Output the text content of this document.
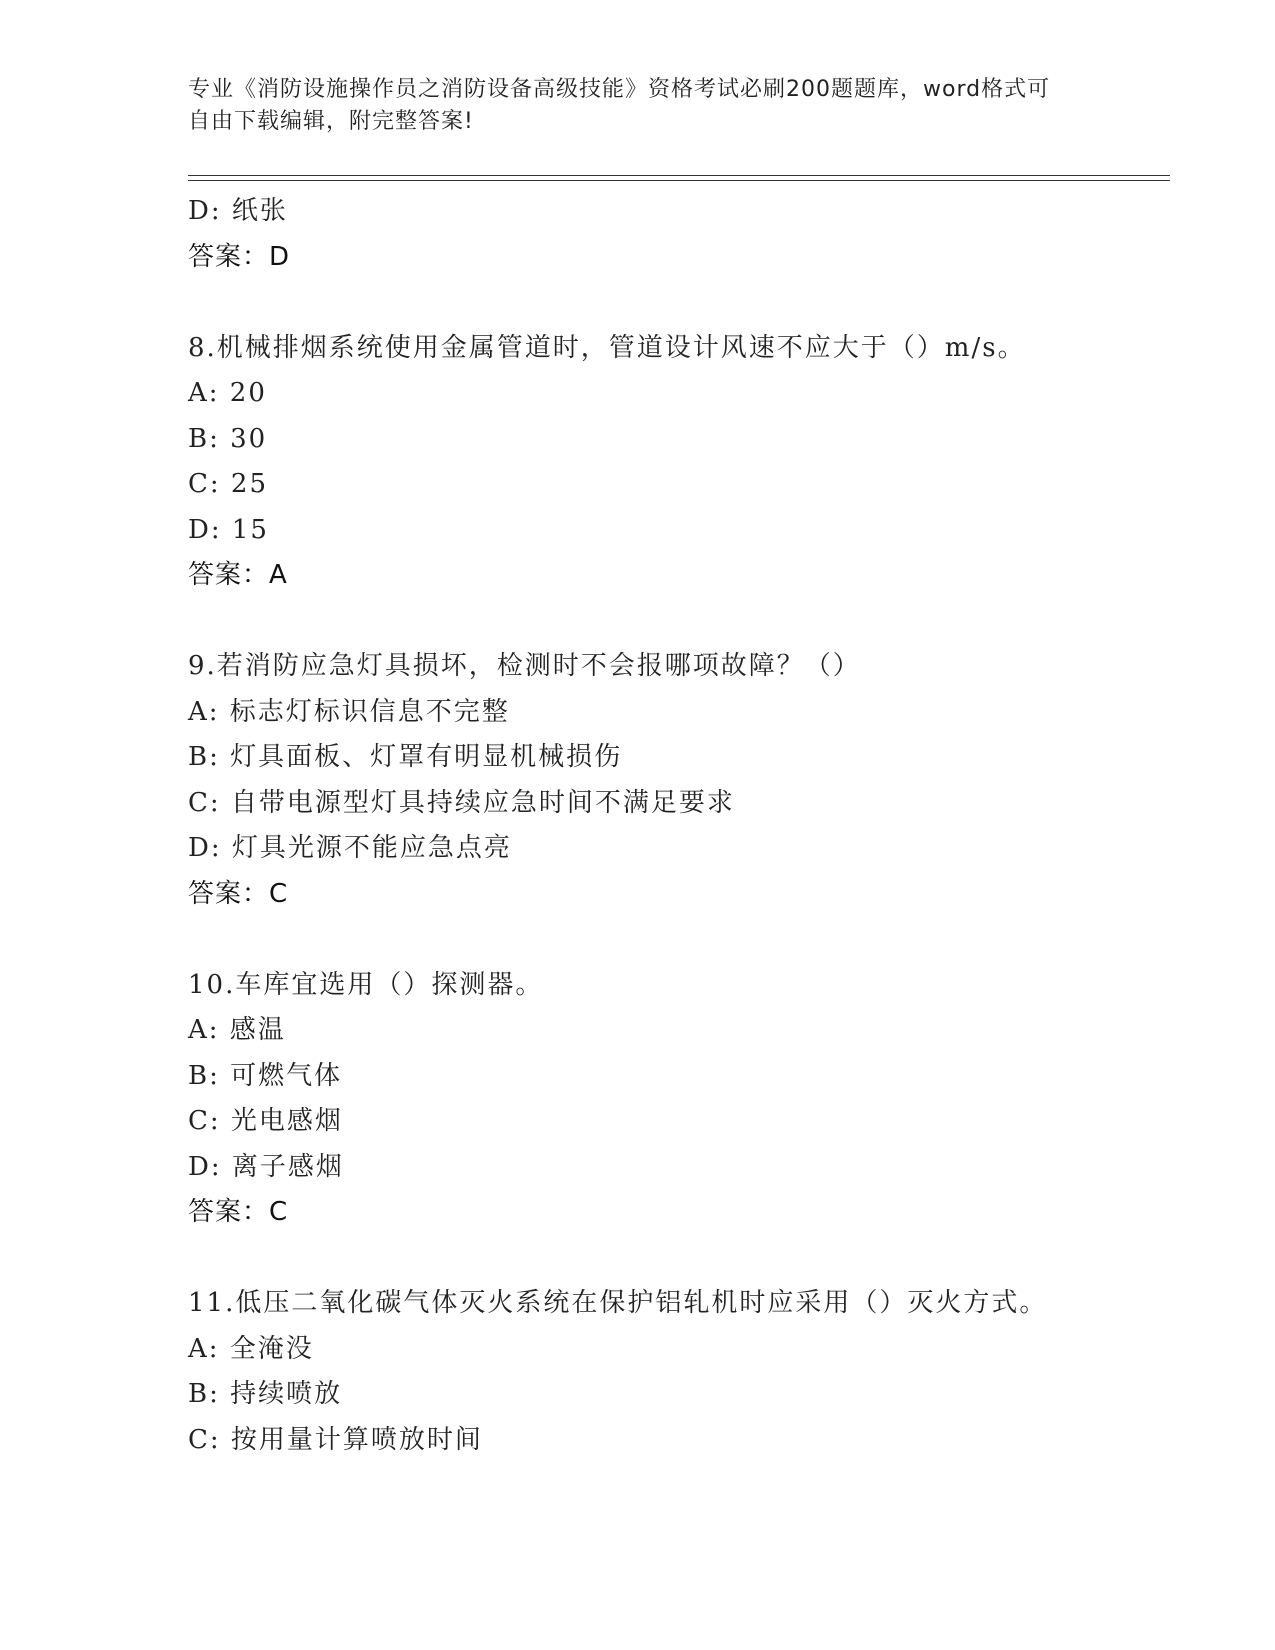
专业《消防设施操作员之消防设备高级技能》资格考试必刷200题题库，word格式可自由下载编辑，附完整答案!
D: 纸张
答案：D
8.机械排烟系统使用金属管道时，管道设计风速不应大于（）m/s。
A: 20
B: 30
C: 25
D: 15
答案：A
9.若消防应急灯具损坏，检测时不会报哪项故障？（）
A: 标志灯标识信息不完整
B: 灯具面板、灯罩有明显机械损伤
C: 自带电源型灯具持续应急时间不满足要求
D: 灯具光源不能应急点亮
答案：C
10.车库宜选用（）探测器。
A: 感温
B: 可燃气体
C: 光电感烟
D: 离子感烟
答案：C
11.低压二氧化碳气体灭火系统在保护铝轧机时应采用（）灭火方式。
A: 全淹没
B: 持续喷放
C: 按用量计算喷放时间
